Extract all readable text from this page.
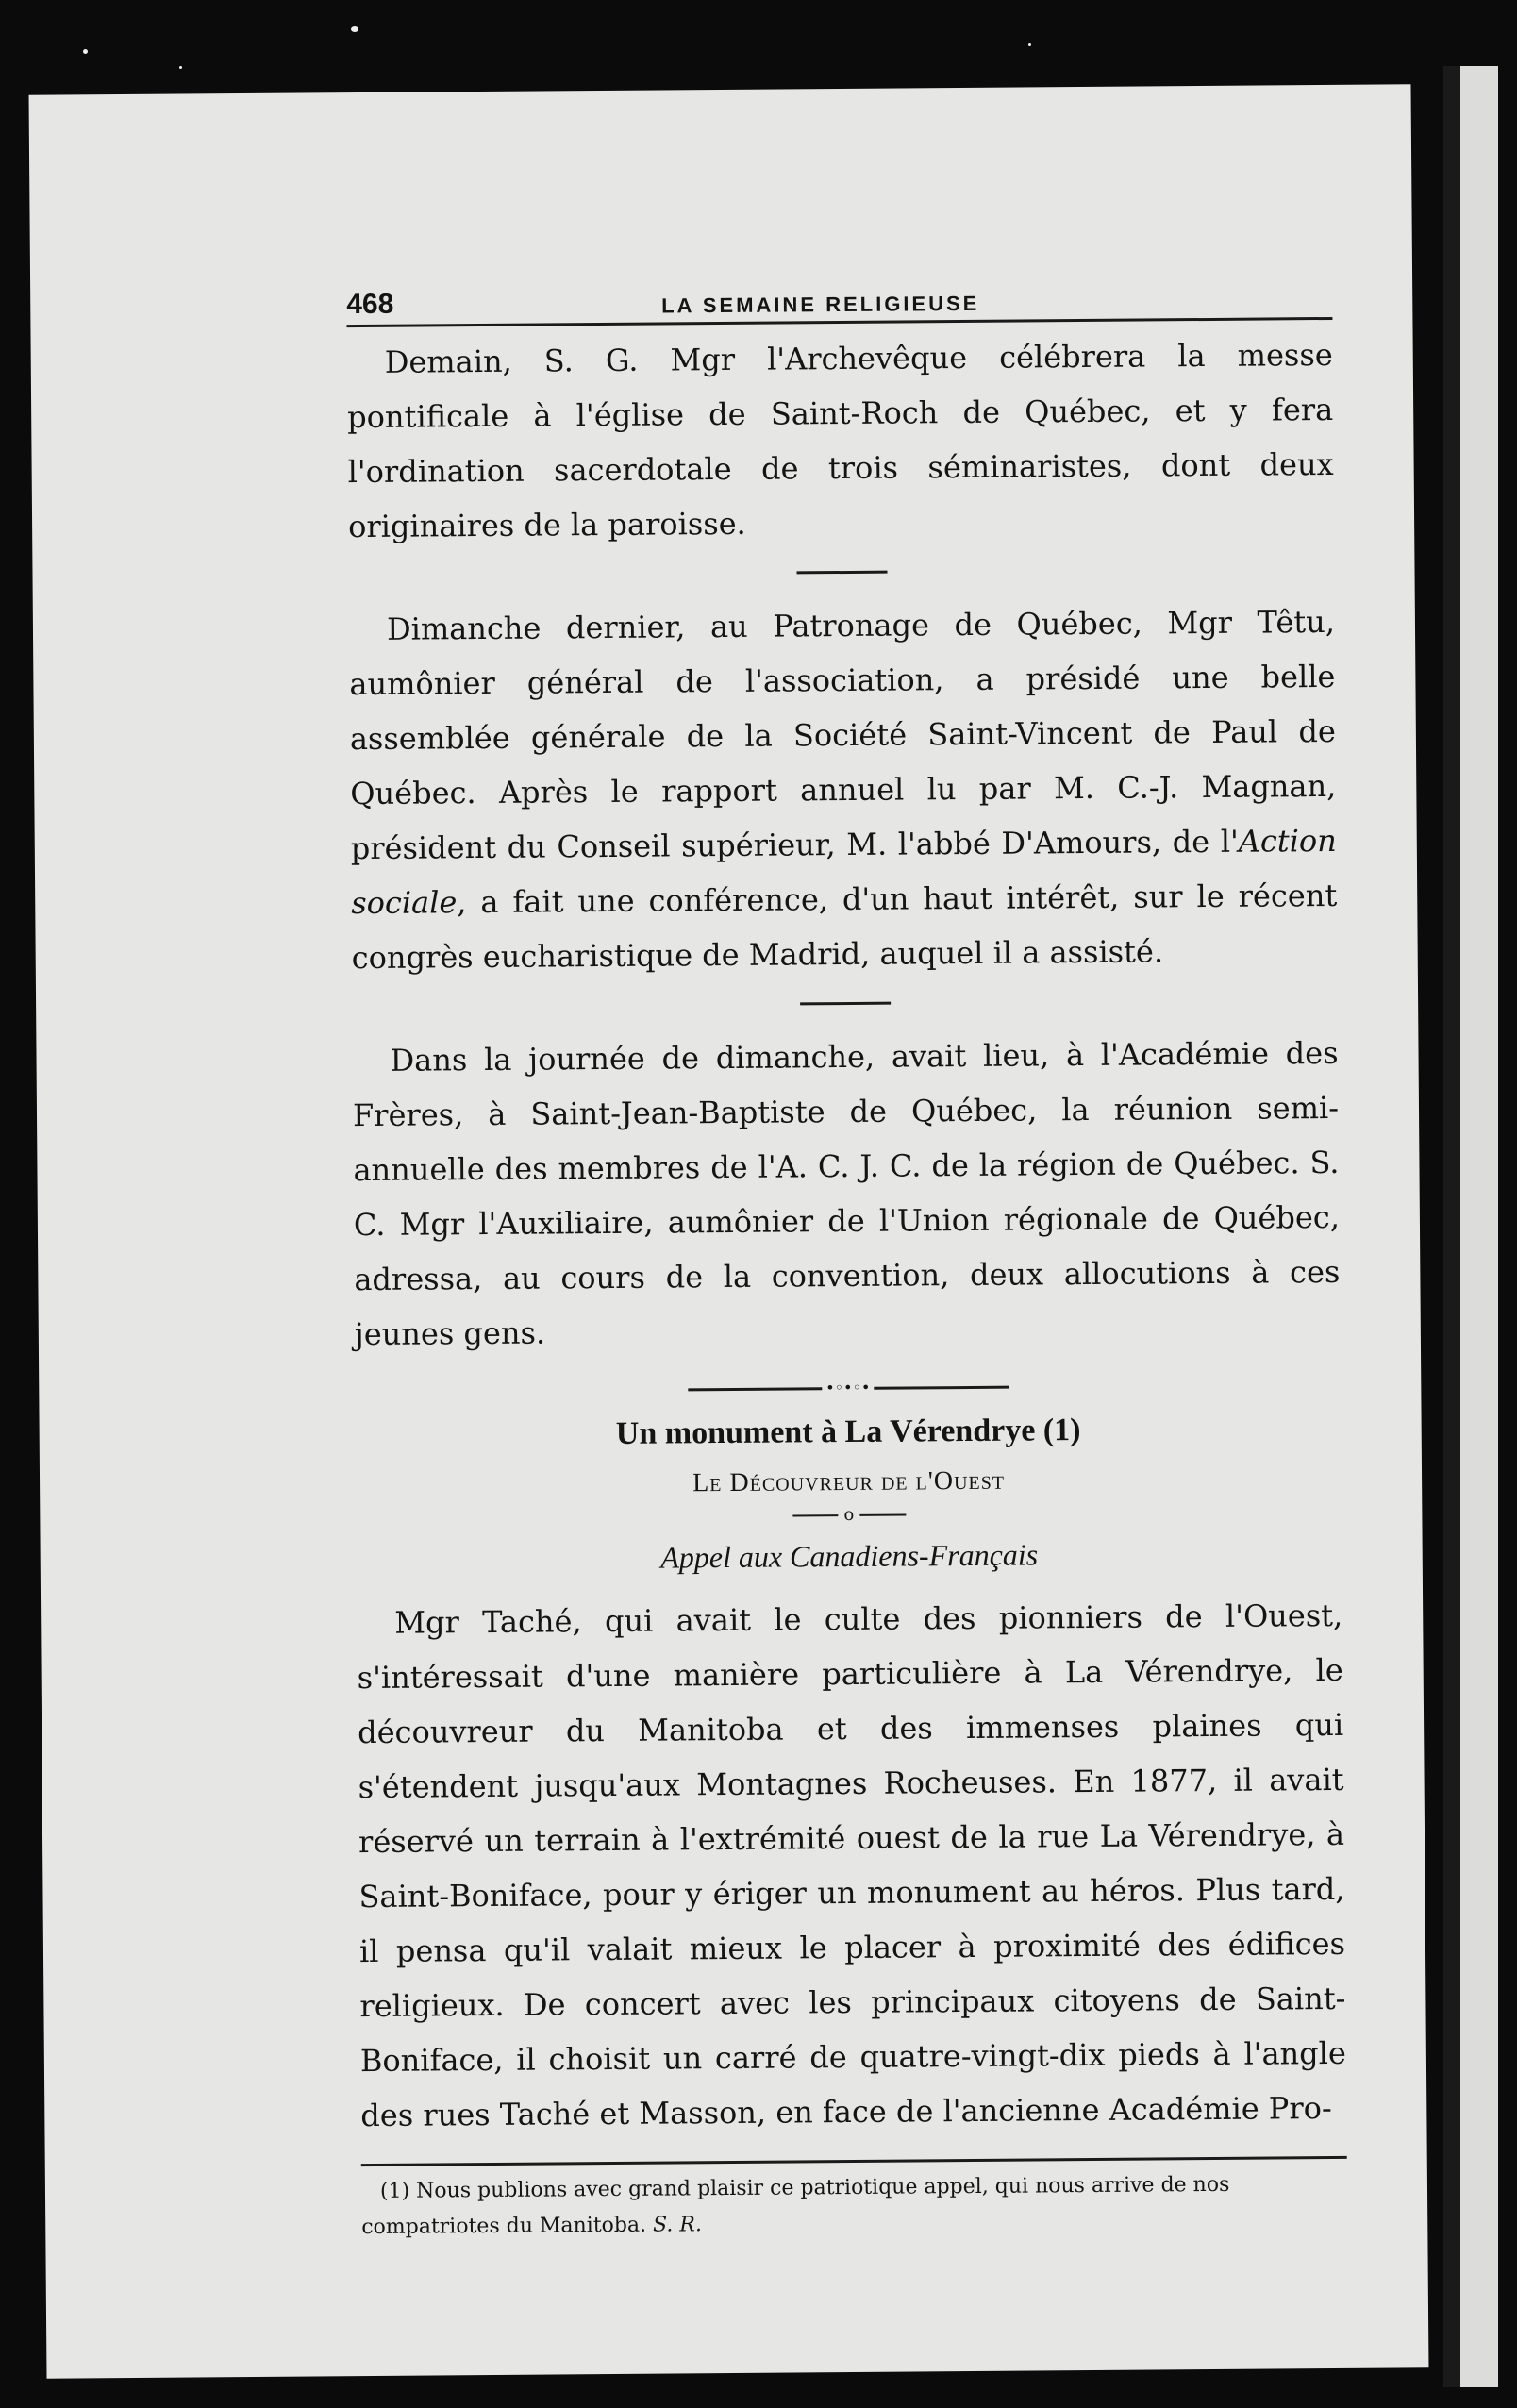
468	LA SEMAINE RELIGIEUSE

Demain, S. G. Mgr l'Archevêque célébrera la messe pontificale à l'église de Saint-Roch de Québec, et y fera l'ordination sacerdotale de trois séminaristes, dont deux originaires de la paroisse.

Dimanche dernier, au Patronage de Québec, Mgr Têtu, aumônier général de l'association, a présidé une belle assemblée générale de la Société Saint-Vincent de Paul de Québec. Après le rapport annuel lu par M. C.-J. Magnan, président du Conseil supérieur, M. l'abbé D'Amours, de l'Action sociale, a fait une conférence, d'un haut intérêt, sur le récent congrès eucharistique de Madrid, auquel il a assisté.

Dans la journée de dimanche, avait lieu, à l'Académie des Frères, à Saint-Jean-Baptiste de Québec, la réunion semi-annuelle des membres de l'A. C. J. C. de la région de Québec. S. C. Mgr l'Auxiliaire, aumônier de l'Union régionale de Québec, adressa, au cours de la convention, deux allocutions à ces jeunes gens.

•◦•◦•
Un monument à La Vérendrye (1)
Le Découvreur de l'Ouest
o
Appel aux Canadiens-Français

Mgr Taché, qui avait le culte des pionniers de l'Ouest, s'intéressait d'une manière particulière à La Vérendrye, le découvreur du Manitoba et des immenses plaines qui s'étendent jusqu'aux Montagnes Rocheuses. En 1877, il avait réservé un terrain à l'extrémité ouest de la rue La Vérendrye, à Saint-Boniface, pour y ériger un monument au héros. Plus tard, il pensa qu'il valait mieux le placer à proximité des édifices religieux. De concert avec les principaux citoyens de Saint-Boniface, il choisit un carré de quatre-vingt-dix pieds à l'angle des rues Taché et Masson, en face de l'ancienne Académie Pro-

(1) Nous publions avec grand plaisir ce patriotique appel, qui nous arrive de nos compatriotes du Manitoba. S. R.
